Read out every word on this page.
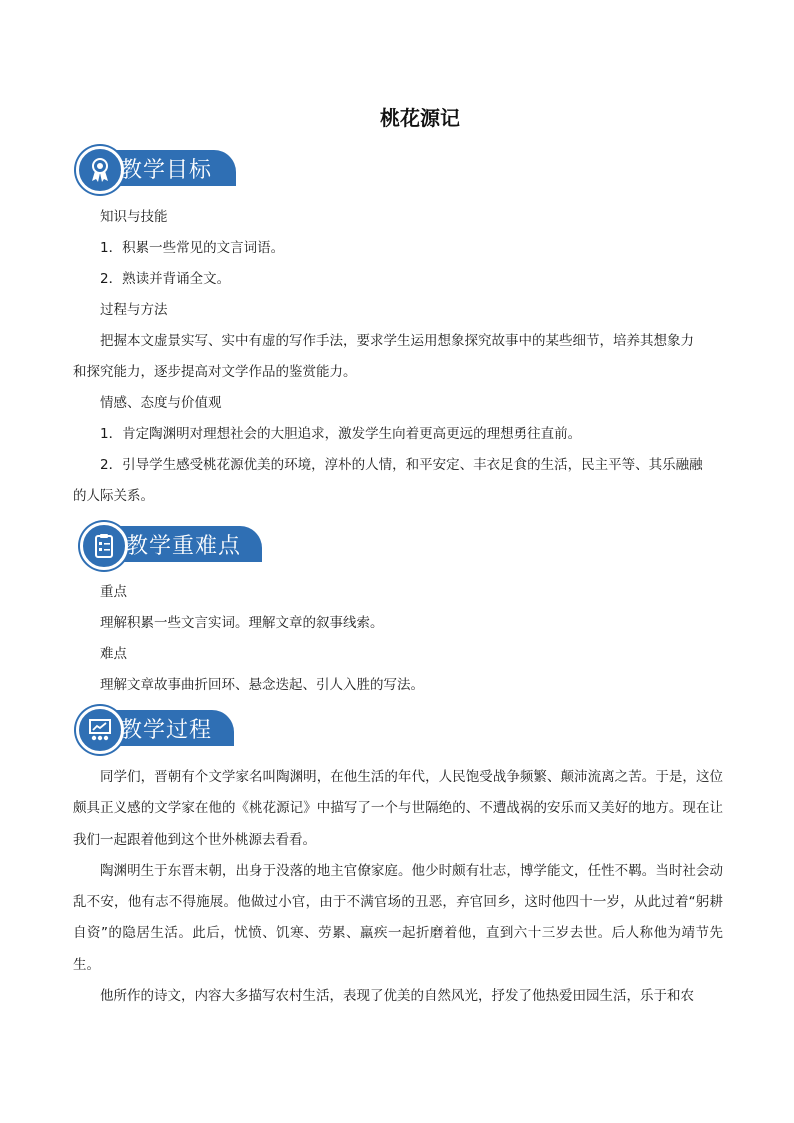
桃花源记
教学目标
知识与技能
1．积累一些常见的文言词语。
2．熟读并背诵全文。
过程与方法
把握本文虚景实写、实中有虚的写作手法，要求学生运用想象探究故事中的某些细节，培养其想象力
和探究能力，逐步提高对文学作品的鉴赏能力。
情感、态度与价值观
1．肯定陶渊明对理想社会的大胆追求，激发学生向着更高更远的理想勇往直前。
2．引导学生感受桃花源优美的环境，淳朴的人情，和平安定、丰衣足食的生活，民主平等、其乐融融
的人际关系。
教学重难点
重点
理解积累一些文言实词。理解文章的叙事线索。
难点
理解文章故事曲折回环、悬念迭起、引人入胜的写法。
教学过程

同学们，晋朝有个文学家名叫陶渊明，在他生活的年代，人民饱受战争频繁、颠沛流离之苦。于是，这位颇具正义感的文学家在他的《桃花源记》中描写了一个与世隔绝的、不遭战祸的安乐而又美好的地方。现在让我们一起跟着他到这个世外桃源去看看。

陶渊明生于东晋末朝，出身于没落的地主官僚家庭。他少时颇有壮志，博学能文，任性不羁。当时社会动乱不安，他有志不得施展。他做过小官，由于不满官场的丑恶，弃官回乡，这时他四十一岁，从此过着“躬耕自资”的隐居生活。此后，忧愤、饥寒、劳累、羸疾一起折磨着他，直到六十三岁去世。后人称他为靖节先生。

他所作的诗文，内容大多描写农村生活，表现了优美的自然风光，抒发了他热爱田园生活，乐于和农
